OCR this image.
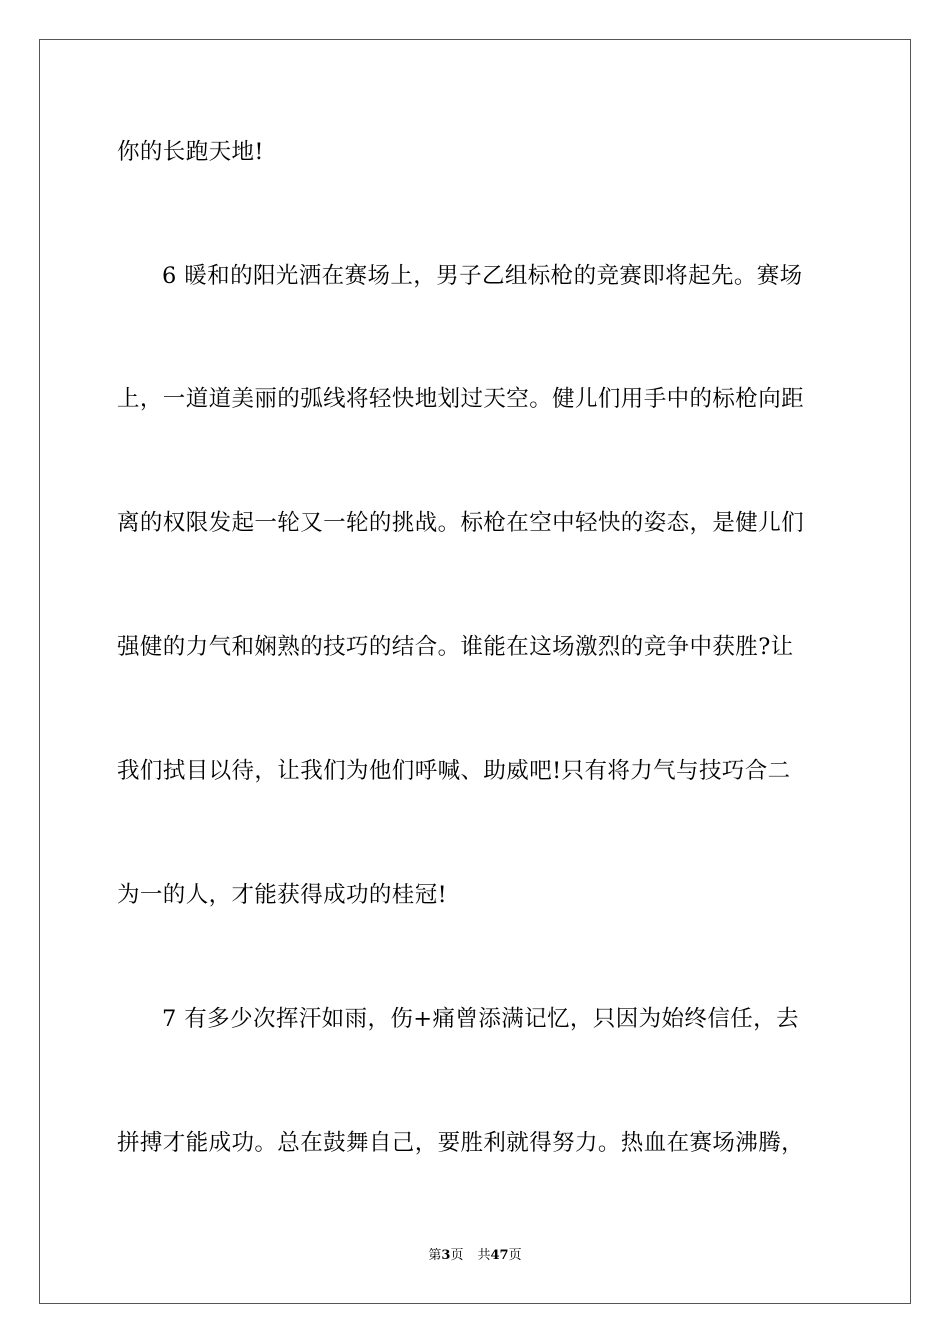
你的长跑天地!
6 暖和的阳光洒在赛场上，男子乙组标枪的竞赛即将起先。赛场
上，一道道美丽的弧线将轻快地划过天空。健儿们用手中的标枪向距
离的权限发起一轮又一轮的挑战。标枪在空中轻快的姿态，是健儿们
强健的力气和娴熟的技巧的结合。谁能在这场激烈的竞争中获胜?让
我们拭目以待，让我们为他们呼喊、助威吧!只有将力气与技巧合二
为一的人，才能获得成功的桂冠!
7 有多少次挥汗如雨，伤+痛曾添满记忆，只因为始终信任，去
拼搏才能成功。总在鼓舞自己，要胜利就得努力。热血在赛场沸腾，
第3页 共47页
